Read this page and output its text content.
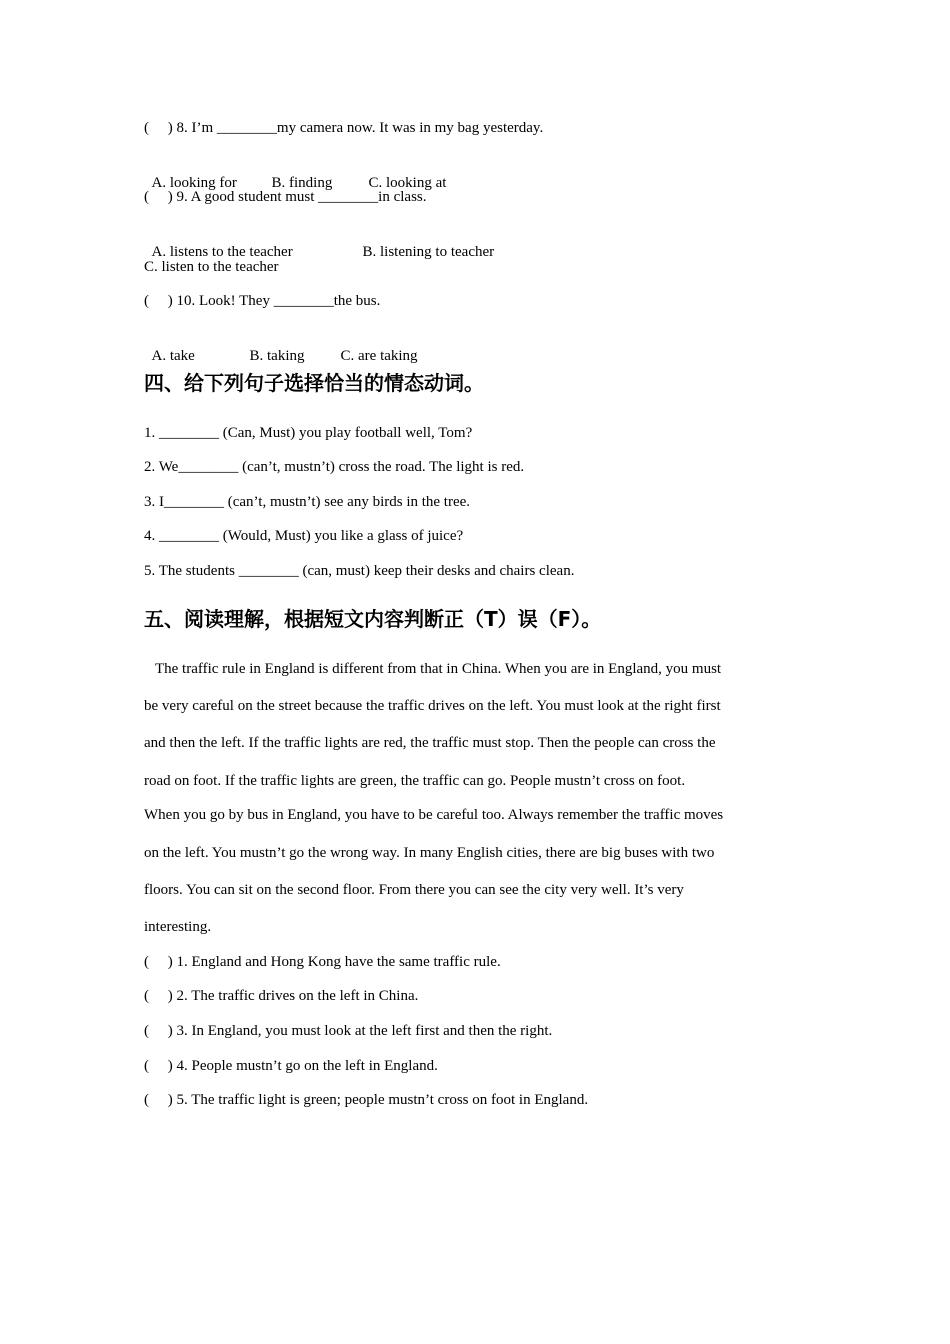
(     ) 8. I’m ________my camera now. It was in my bag yesterday.

A. looking for B. finding C. looking at

(     ) 9. A good student must ________in class.

A. listens to the teacher	B. listening to teacher

C. listen to the teacher
(     ) 10. Look! They ________the bus.

A. take	B. taking C. are taking

四、给下列句子选择恰当的情态动词。
1. ________ (Can, Must) you play football well, Tom?
2. We________ (can’t, mustn’t) cross the road. The light is red.
3. I________ (can’t, mustn’t) see any birds in the tree.
4. ________ (Would, Must) you like a glass of juice?
5. The students ________ (can, must) keep their desks and chairs clean.
五、阅读理解，根据短文内容判断正（T）误（F）。
The traffic rule in England is different from that in China. When you are in England, you must
be very careful on the street because the traffic drives on the left. You must look at the right first
and then the left. If the traffic lights are red, the traffic must stop. Then the people can cross the
road on foot. If the traffic lights are green, the traffic can go. People mustn’t cross on foot.
When you go by bus in England, you have to be careful too. Always remember the traffic moves
on the left. You mustn’t go the wrong way. In many English cities, there are big buses with two
floors. You can sit on the second floor. From there you can see the city very well. It’s very
interesting.
(     ) 1. England and Hong Kong have the same traffic rule.
(     ) 2. The traffic drives on the left in China.
(     ) 3. In England, you must look at the left first and then the right.
(     ) 4. People mustn’t go on the left in England.
(     ) 5. The traffic light is green; people mustn’t cross on foot in England.
